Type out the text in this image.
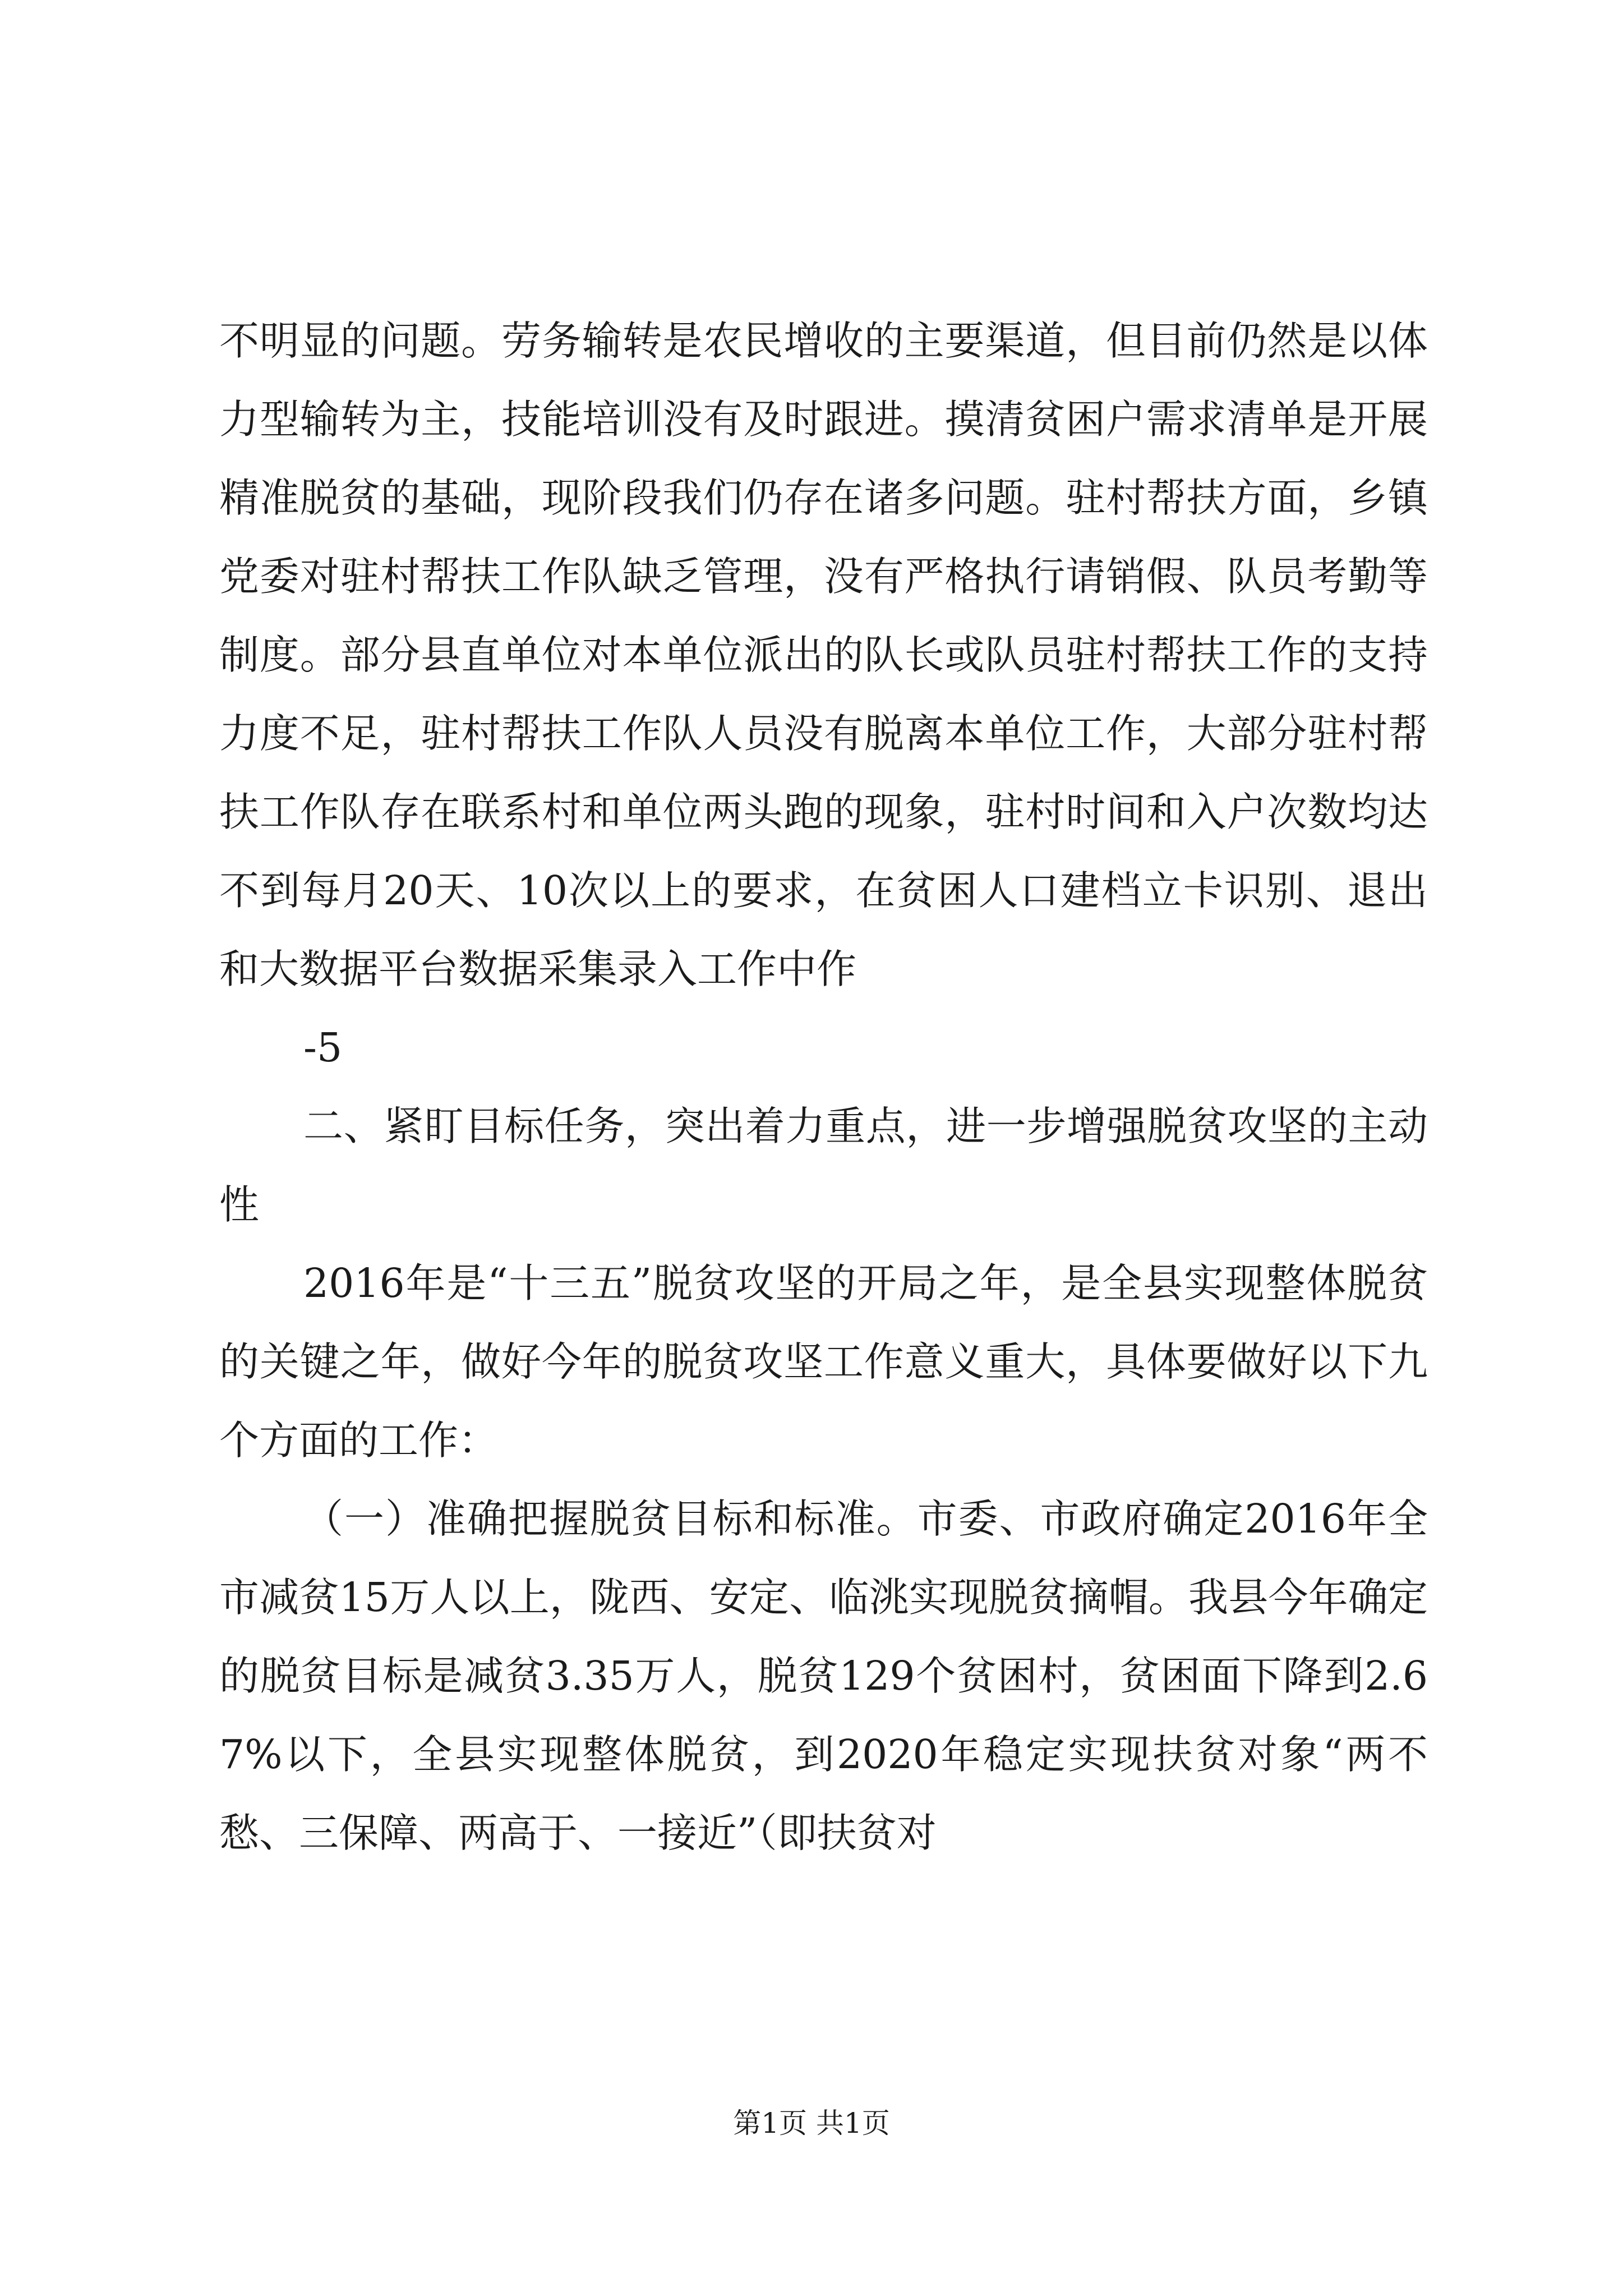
不明显的问题。劳务输转是农民增收的主要渠道，但目前仍然是以体力型输转为主，技能培训没有及时跟进。摸清贫困户需求清单是开展精准脱贫的基础，现阶段我们仍存在诸多问题。驻村帮扶方面，乡镇党委对驻村帮扶工作队缺乏管理，没有严格执行请销假、队员考勤等制度。部分县直单位对本单位派出的队长或队员驻村帮扶工作的支持力度不足，驻村帮扶工作队人员没有脱离本单位工作，大部分驻村帮扶工作队存在联系村和单位两头跑的现象，驻村时间和入户次数均达不到每月20天、10次以上的要求，在贫困人口建档立卡识别、退出和大数据平台数据采集录入工作中作

-5

二、紧盯目标任务，突出着力重点，进一步增强脱贫攻坚的主动性

2016年是“十三五”脱贫攻坚的开局之年，是全县实现整体脱贫的关键之年，做好今年的脱贫攻坚工作意义重大，具体要做好以下九个方面的工作：

（一）准确把握脱贫目标和标准。市委、市政府确定2016年全市减贫15万人以上，陇西、安定、临洮实现脱贫摘帽。我县今年确定的脱贫目标是减贫3.35万人，脱贫129个贫困村，贫困面下降到2.67%以下，全县实现整体脱贫，到2020年稳定实现扶贫对象“两不愁、三保障、两高于、一接近”（即扶贫对

第1页 共1页
